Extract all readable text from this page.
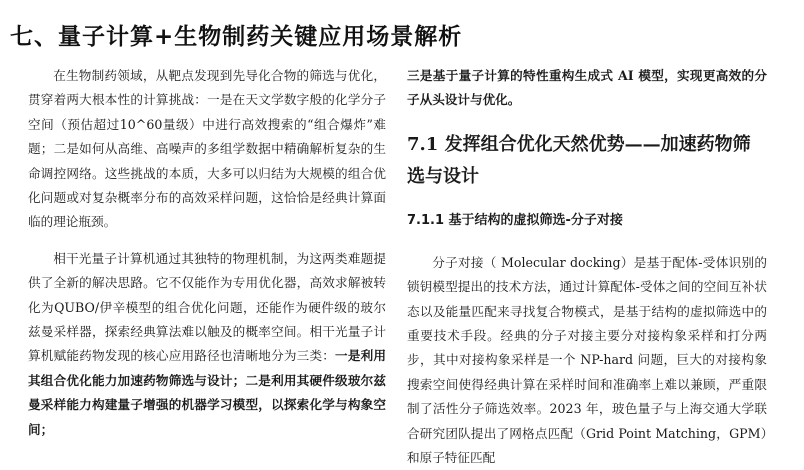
七、量子计算+生物制药关键应用场景解析

在生物制药领域，从靶点发现到先导化合物的筛选与优化，贯穿着两大根本性的计算挑战：一是在天文学数字般的化学分子空间（预估超过10^60量级）中进行高效搜索的“组合爆炸”难题；二是如何从高维、高噪声的多组学数据中精确解析复杂的生命调控网络。这些挑战的本质，大多可以归结为大规模的组合优化问题或对复杂概率分布的高效采样问题，这恰恰是经典计算面临的理论瓶颈。

相干光量子计算机通过其独特的物理机制，为这两类难题提供了全新的解决思路。它不仅能作为专用优化器，高效求解被转化为QUBO/伊辛模型的组合优化问题，还能作为硬件级的玻尔兹曼采样器，探索经典算法难以触及的概率空间。相干光量子计算机赋能药物发现的核心应用路径也清晰地分为三类：一是利用其组合优化能力加速药物筛选与设计；二是利用其硬件级玻尔兹曼采样能力构建量子增强的机器学习模型，以探索化学与构象空间；

三是基于量子计算的特性重构生成式 AI 模型，实现更高效的分子从头设计与优化。

7.1 发挥组合优化天然优势——加速药物筛选与设计
7.1.1 基于结构的虚拟筛选-分子对接

分子对接（ Molecular docking）是基于配体-受体识别的锁钥模型提出的技术方法，通过计算配体-受体之间的空间互补状态以及能量匹配来寻找复合物模式，是基于结构的虚拟筛选中的重要技术手段。经典的分子对接主要分对接构象采样和打分两步，其中对接构象采样是一个 NP-hard 问题，巨大的对接构象搜索空间使得经典计算在采样时间和准确率上难以兼顾，严重限制了活性分子筛选效率。2023 年，玻色量子与上海交通大学联合研究团队提出了网格点匹配（Grid Point Matching，GPM）和原子特征匹配
